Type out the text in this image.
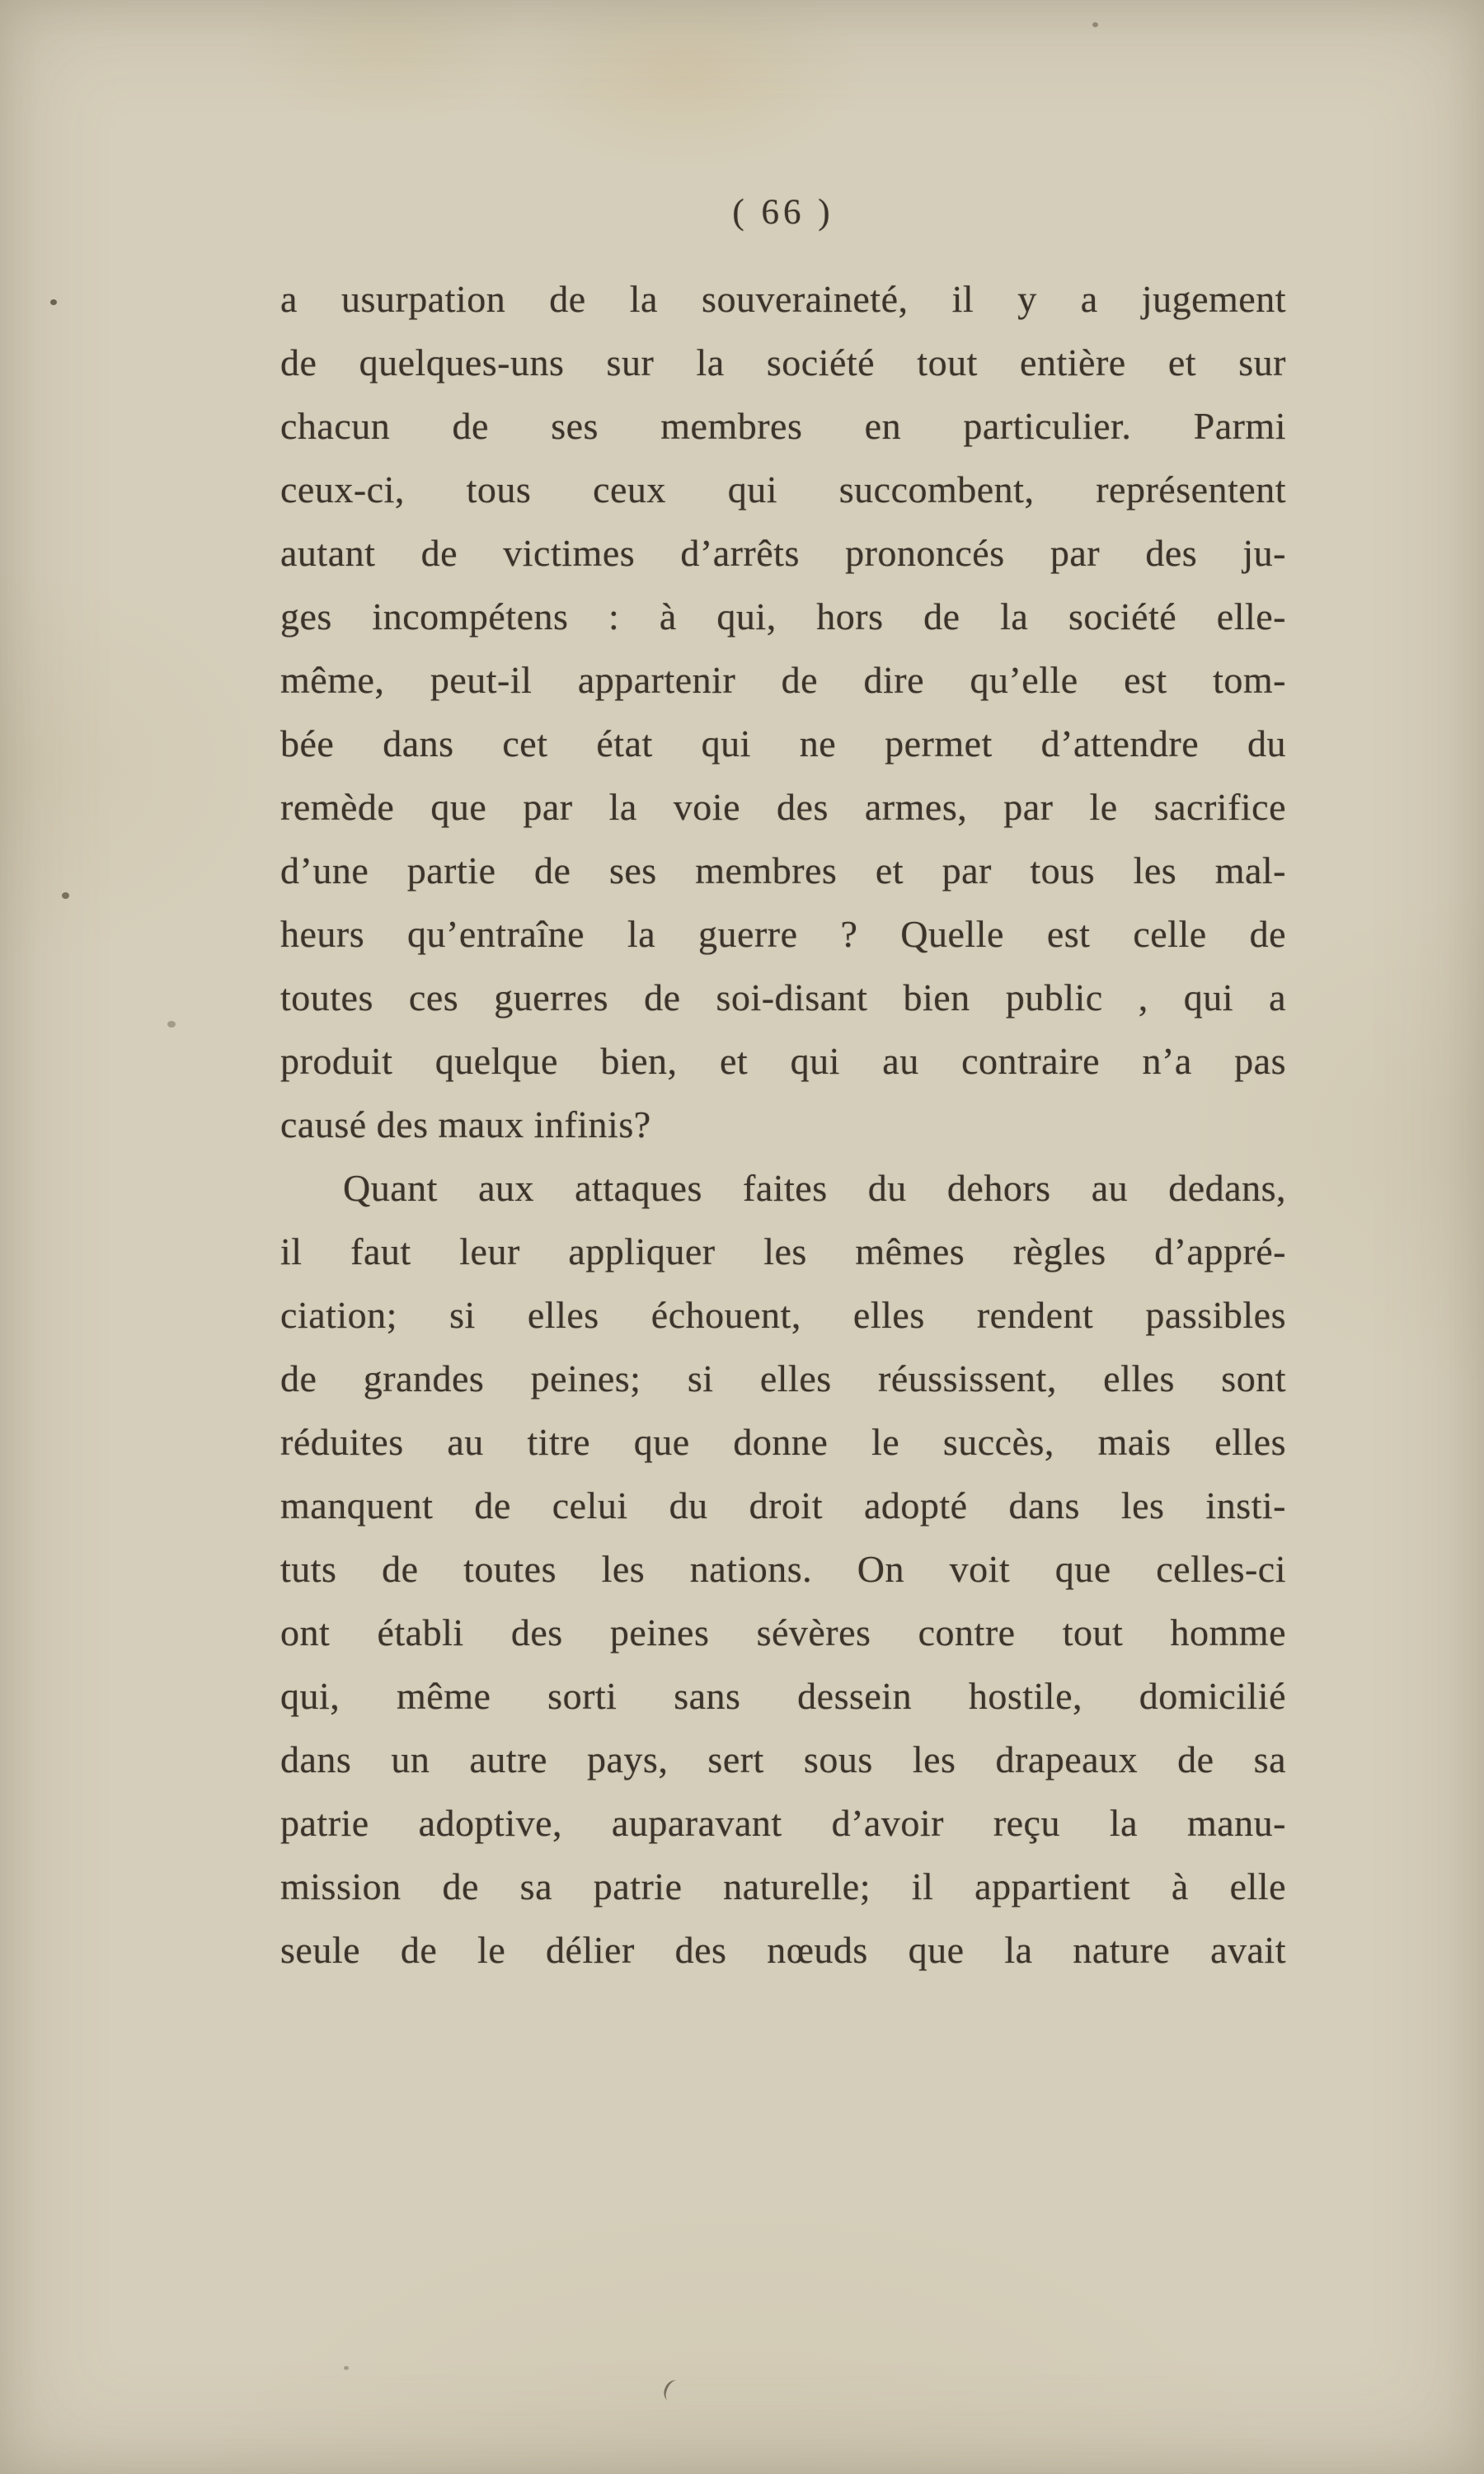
( 66 )

a usurpation de la souveraineté, il y a jugement
de quelques-uns sur la société tout entière et sur
chacun de ses membres en particulier. Parmi
ceux-ci, tous ceux qui succombent, représentent
autant de victimes d’arrêts prononcés par des ju-
ges incompétens : à qui, hors de la société elle-
même, peut-il appartenir de dire qu’elle est tom-
bée dans cet état qui ne permet d’attendre du
remède que par la voie des armes, par le sacrifice
d’une partie de ses membres et par tous les mal-
heurs qu’entraîne la guerre ? Quelle est celle de
toutes ces guerres de soi-disant bien public , qui a
produit quelque bien, et qui au contraire n’a pas
causé des maux infinis?

Quant aux attaques faites du dehors au dedans,
il faut leur appliquer les mêmes règles d’appré-
ciation; si elles échouent, elles rendent passibles
de grandes peines; si elles réussissent, elles sont
réduites au titre que donne le succès, mais elles
manquent de celui du droit adopté dans les insti-
tuts de toutes les nations. On voit que celles-ci
ont établi des peines sévères contre tout homme
qui, même sorti sans dessein hostile, domicilié
dans un autre pays, sert sous les drapeaux de sa
patrie adoptive, auparavant d’avoir reçu la manu-
mission de sa patrie naturelle; il appartient à elle
seule de le délier des nœuds que la nature avait
